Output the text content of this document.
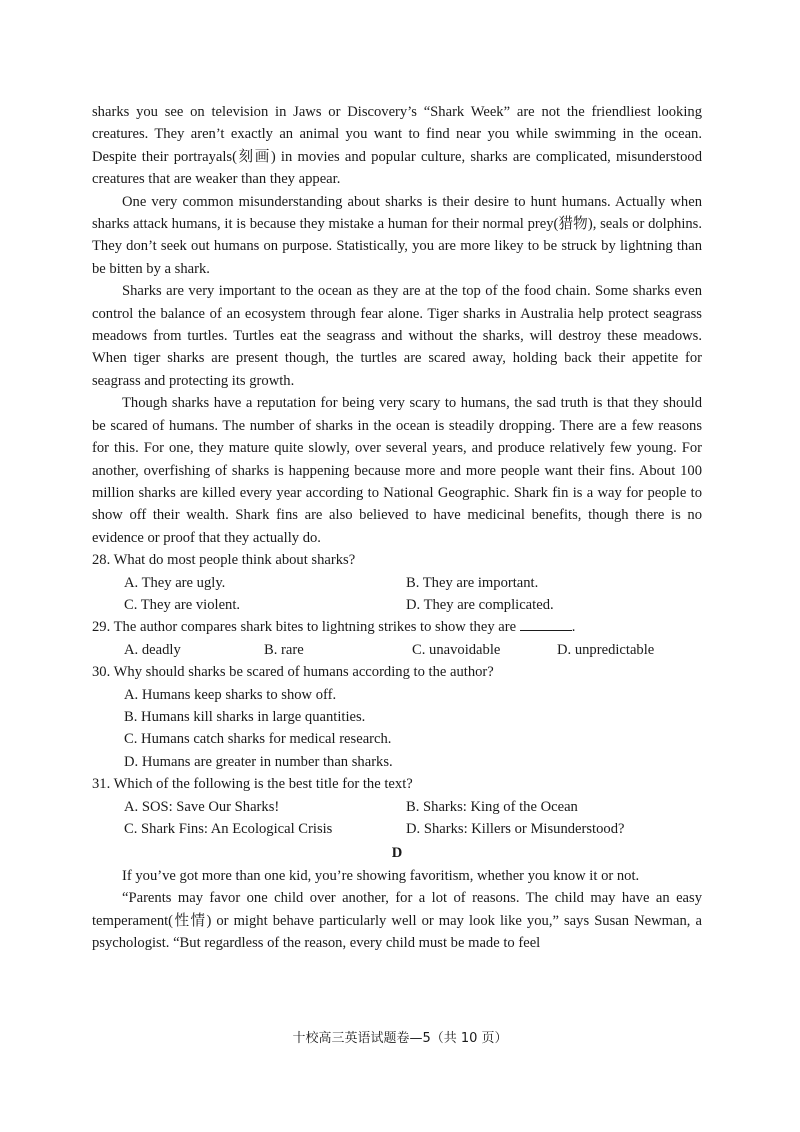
sharks you see on television in Jaws or Discovery’s “Shark Week” are not the friendliest looking creatures. They aren’t exactly an animal you want to find near you while swimming in the ocean. Despite their portrayals(刻画) in movies and popular culture, sharks are complicated, misunderstood creatures that are weaker than they appear.

One very common misunderstanding about sharks is their desire to hunt humans. Actually when sharks attack humans, it is because they mistake a human for their normal prey(猎物), seals or dolphins. They don’t seek out humans on purpose. Statistically, you are more likey to be struck by lightning than be bitten by a shark.

Sharks are very important to the ocean as they are at the top of the food chain. Some sharks even control the balance of an ecosystem through fear alone. Tiger sharks in Australia help protect seagrass meadows from turtles. Turtles eat the seagrass and without the sharks, will destroy these meadows. When tiger sharks are present though, the turtles are scared away, holding back their appetite for seagrass and protecting its growth.

Though sharks have a reputation for being very scary to humans, the sad truth is that they should be scared of humans. The number of sharks in the ocean is steadily dropping. There are a few reasons for this. For one, they mature quite slowly, over several years, and produce relatively few young. For another, overfishing of sharks is happening because more and more people want their fins. About 100 million sharks are killed every year according to National Geographic. Shark fin is a way for people to show off their wealth. Shark fins are also believed to have medicinal benefits, though there is no evidence or proof that they actually do.

28. What do most people think about sharks?
A. They are ugly.	B. They are important.
C. They are violent.	D. They are complicated.
29. The author compares shark bites to lightning strikes to show they are	.
A. deadly	B. rare	C. unavoidable	D. unpredictable
30. Why should sharks be scared of humans according to the author?
A. Humans keep sharks to show off.
B. Humans kill sharks in large quantities.
C. Humans catch sharks for medical research.
D. Humans are greater in number than sharks.
31. Which of the following is the best title for the text?
A. SOS: Save Our Sharks!	B. Sharks: King of the Ocean
C. Shark Fins: An Ecological Crisis	D. Sharks: Killers or Misunderstood?
D

If you’ve got more than one kid, you’re showing favoritism, whether you know it or not.

“Parents may favor one child over another, for a lot of reasons. The child may have an easy temperament(性情) or might behave particularly well or may look like you,” says Susan Newman, a psychologist. “But regardless of the reason, every child must be made to feel

十校高三英语试题卷—5（共 10 页）
